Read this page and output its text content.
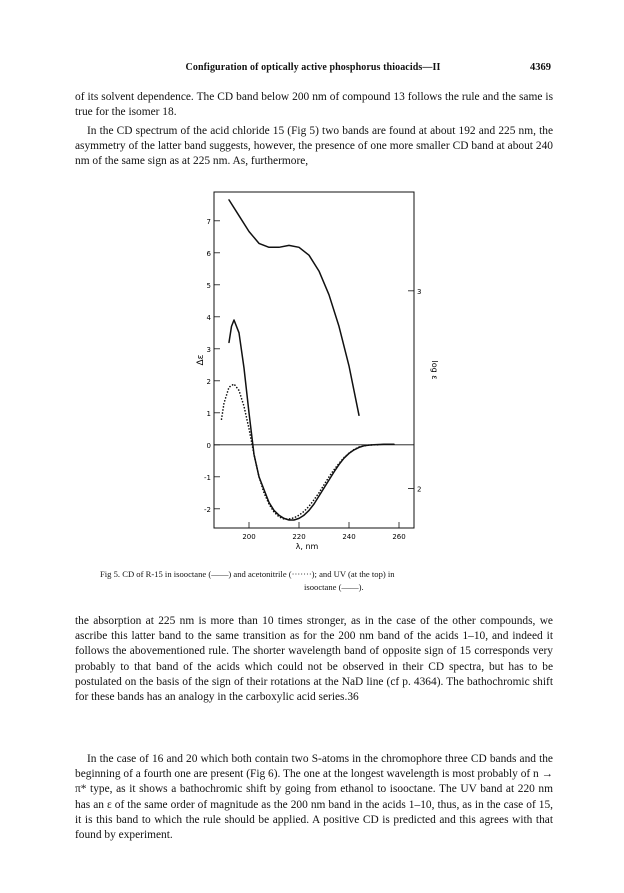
Configuration of optically active phosphorus thioacids—II	4369

of its solvent dependence. The CD band below 200 nm of compound 13 follows the rule and the same is true for the isomer 18.

In the CD spectrum of the acid chloride 15 (Fig 5) two bands are found at about 192 and 225 nm, the asymmetry of the latter band suggests, however, the presence of one more smaller CD band at about 240 nm of the same sign as at 225 nm. As, furthermore,

-2
-1
0
1
2
3
4
5
6
7
2
3
200	220	240	260
Δε
log ε
λ, nm
Fig 5. CD of R-15 in isooctane (——) and acetonitrile (·······); and UV (at the top) in
isooctane (——).

the absorption at 225 nm is more than 10 times stronger, as in the case of the other compounds, we ascribe this latter band to the same transition as for the 200 nm band of the acids 1–10, and indeed it follows the abovementioned rule. The shorter wavelength band of opposite sign of 15 corresponds very probably to that band of the acids which could not be observed in their CD spectra, but has to be postulated on the basis of the sign of their rotations at the NaD line (cf p. 4364). The bathochromic shift for these bands has an analogy in the carboxylic acid series.36

In the case of 16 and 20 which both contain two S-atoms in the chromophore three CD bands and the beginning of a fourth one are present (Fig 6). The one at the longest wavelength is most probably of n → π* type, as it shows a bathochromic shift by going from ethanol to isooctane. The UV band at 220 nm has an ε of the same order of magnitude as the 200 nm band in the acids 1–10, thus, as in the case of 15, it is this band to which the rule should be applied. A positive CD is predicted and this agrees with that found by experiment.
